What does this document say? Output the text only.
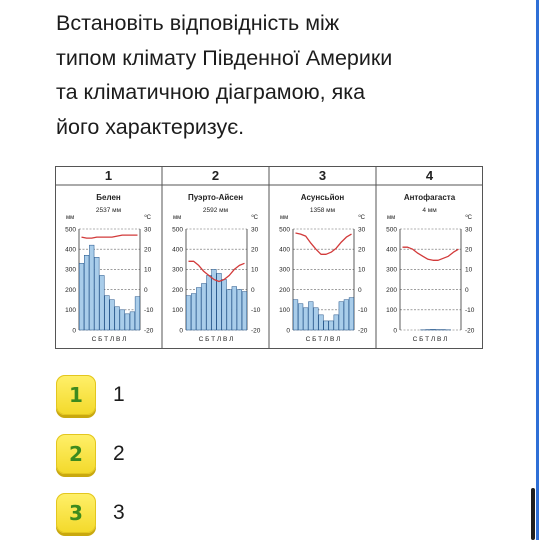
Встановіть відповідність між
типом клімату Південної Америки
та кліматичною діаграмою, яка
його характеризує.

1
Белен
2537 мм
мм	ºC
500	30
400	20
300	10
200	0
100	-10
0	-20
С Б Т Л В Л
2
Пуэрто-Айсен
2592 мм
мм	ºC
500	30
400	20
300	10
200	0
100	-10
0	-20
С Б Т Л В Л
3
Асунсьйон
1358 мм
мм	ºC
500	30
400	20
300	10
200	0
100	-10
0	-20
С Б Т Л В Л
4
Антофагаста
4 мм
мм	ºC
500	30
400	20
300	10
200	0
100	-10
0	-20
С Б Т Л В Л
1	1
2	2
3	3
